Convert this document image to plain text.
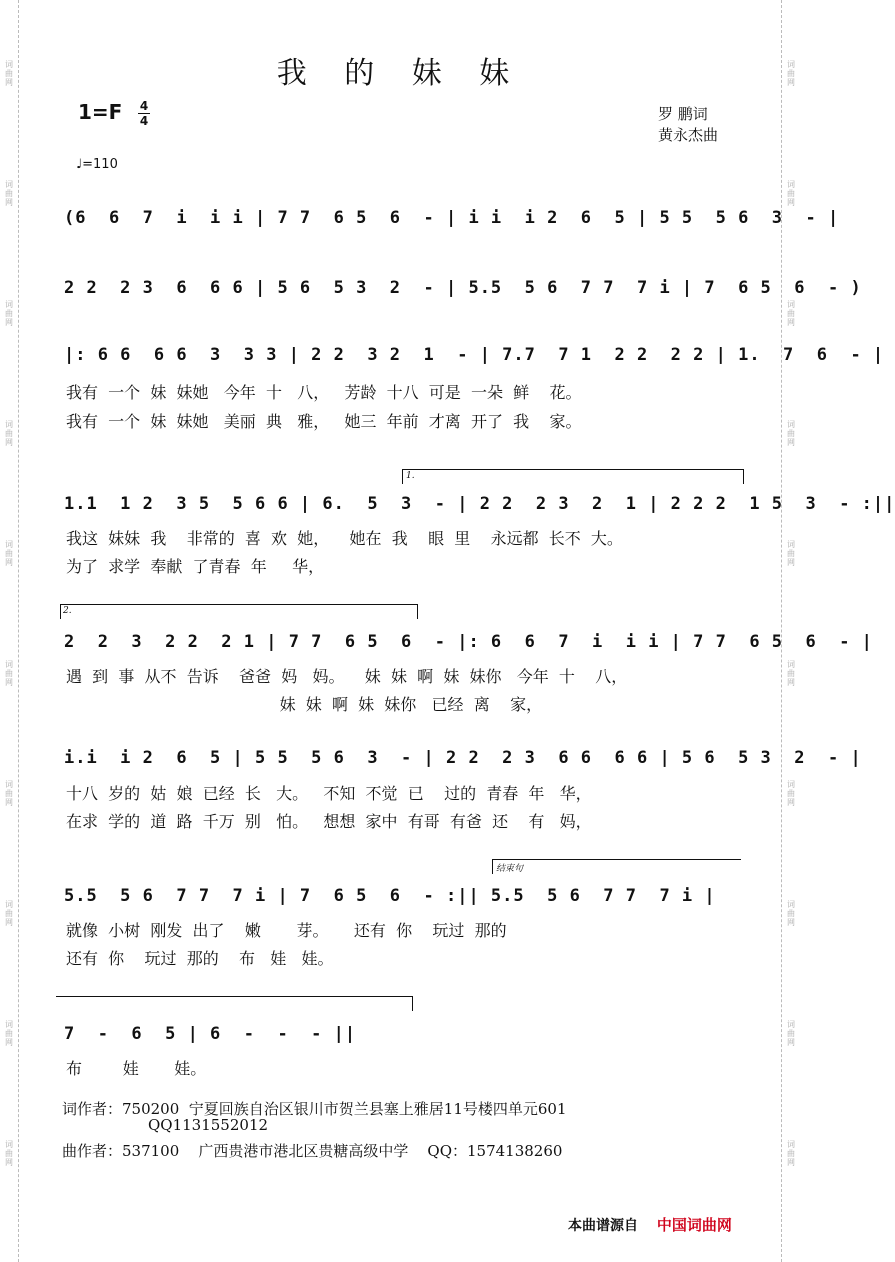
词
曲
网
词
曲
网
词
曲
网
词
曲
网
词
曲
网
词
曲
网
词
曲
网
词
曲
网
词
曲
网
词
曲
网
词
曲
网
词
曲
网
词
曲
网
词
曲
网
词
曲
网
词
曲
网
词
曲
网
词
曲
网
词
曲
网
词
曲
网
我 的 妹 妹
1=F 4
4
♩=110
罗 鹏词
黄永杰曲
(6  6  7  i  i i | 7 7  6 5  6  - | i i  i 2  6  5 | 5 5  5 6  3  - |
2 2  2 3  6  6 6 | 5 6  5 3  2  - | 5.5  5 6  7 7  7 i | 7  6 5  6  - )
|: 6 6  6 6  3  3 3 | 2 2  3 2  1  - | 7.7  7 1  2 2  2 2 | 1.  7  6  - |
我有  一个  妹  妹她   今年  十   八，   芳龄  十八  可是  一朵  鲜    花。
我有  一个  妹  妹她   美丽  典   雅，   她三  年前  才离  开了  我    家。
1.
1.1  1 2  3 5  5 6 6 | 6.  5  3  - | 2 2  2 3  2  1 | 2 2 2  1 5  3  - :||
我这  妹妹  我    非常的  喜  欢  她，    她在  我    眼  里    永远都  长不  大。
为了  求学  奉献  了青春  年     华，
2.
2  2  3  2 2  2 1 | 7 7  6 5  6  - |: 6  6  7  i  i i | 7 7  6 5  6  - |
遇  到  事  从不  告诉    爸爸  妈   妈。    妹  妹  啊  妹  妹你   今年  十    八，
妹  妹  啊  妹  妹你   已经  离    家，
i.i  i 2  6  5 | 5 5  5 6  3  - | 2 2  2 3  6 6  6 6 | 5 6  5 3  2  - |
十八  岁的  姑  娘  已经  长   大。   不知  不觉  已    过的  青春  年   华，
在求  学的  道  路  千万  别   怕。   想想  家中  有哥  有爸  还    有   妈，
结束句
5.5  5 6  7 7  7 i | 7  6 5  6  - :|| 5.5  5 6  7 7  7 i |
就像  小树  刚发  出了    嫩       芽。     还有  你    玩过  那的
还有  你    玩过  那的    布   娃   娃。
7  -  6  5 | 6  -  -  - ||
布        娃       娃。
词作者：750200  宁夏回族自治区银川市贺兰县塞上雅居11号楼四单元601
QQ1131552012
曲作者：537100    广西贵港市港北区贵糖高级中学    QQ：1574138260
本曲谱源自 中国词曲网
